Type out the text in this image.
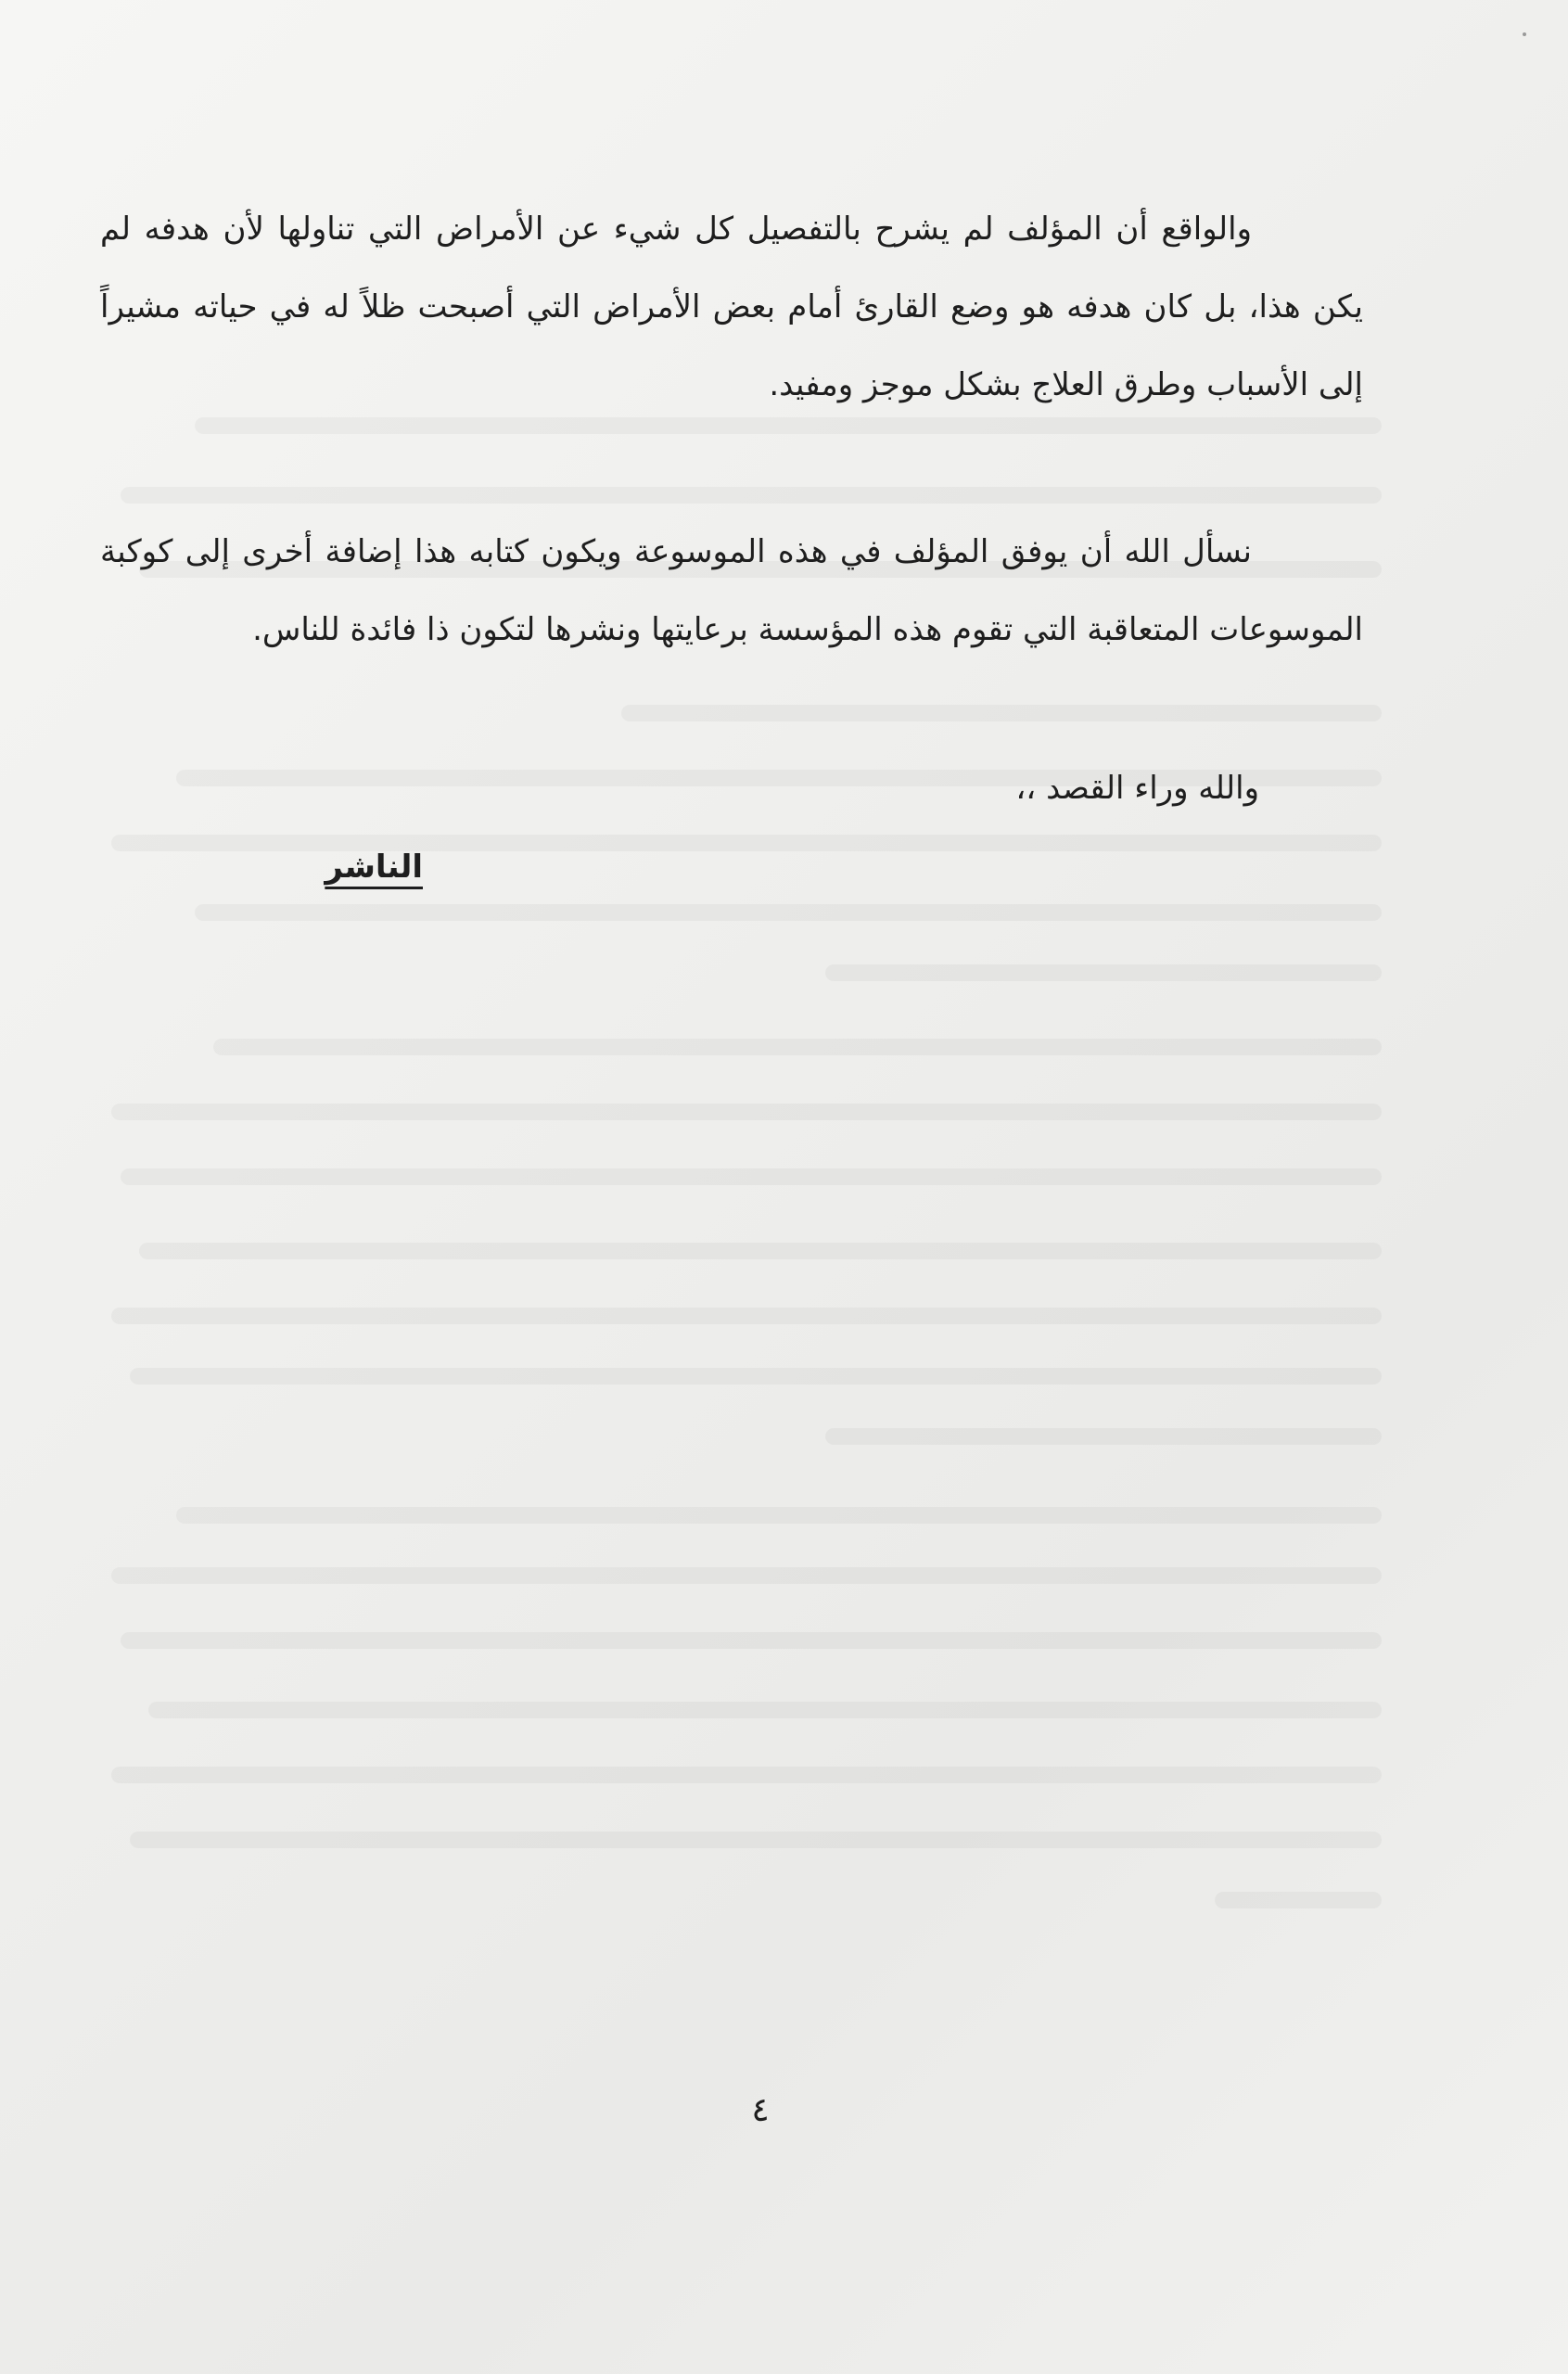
والواقع أن المؤلف لم يشرح بالتفصيل كل شيء عن الأمراض التي تناولها لأن هدفه لم يكن هذا، بل كان هدفه هو وضع القارئ أمام بعض الأمراض التي أصبحت ظلاً له في حياته مشيراً إلى الأسباب وطرق العلاج بشكل موجز ومفيد.

نسأل الله أن يوفق المؤلف في هذه الموسوعة ويكون كتابه هذا إضافة أخرى إلى كوكبة الموسوعات المتعاقبة التي تقوم هذه المؤسسة برعايتها ونشرها لتكون ذا فائدة للناس.

والله وراء القصد ،،
الناشر
٤
